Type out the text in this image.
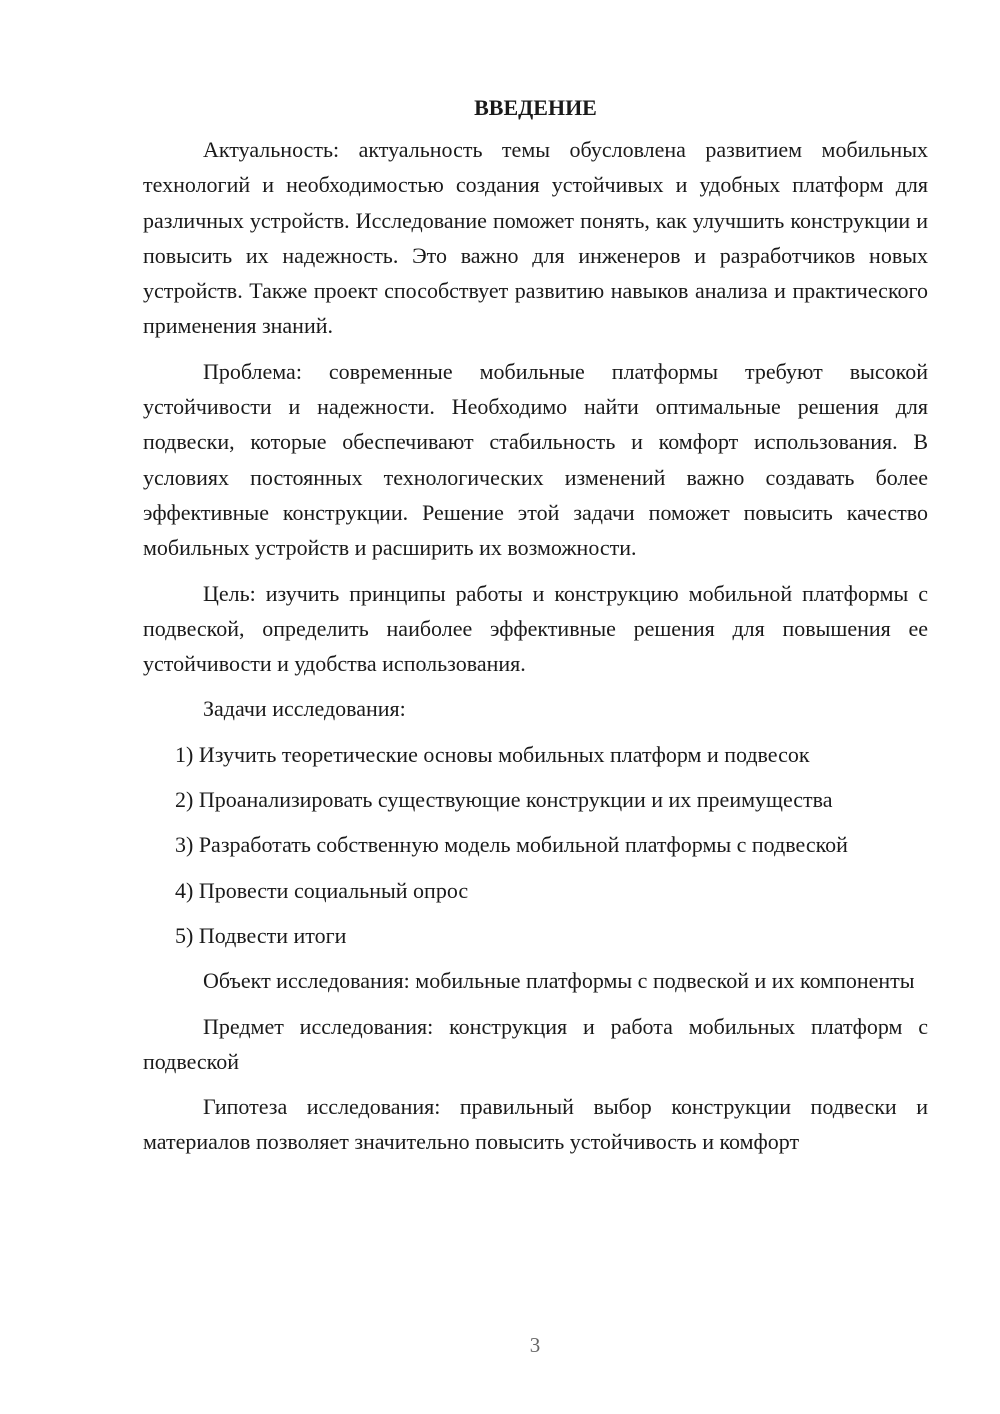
ВВЕДЕНИЕ

Актуальность: актуальность темы обусловлена развитием мобильных технологий и необходимостью создания устойчивых и удобных платформ для различных устройств. Исследование поможет понять, как улучшить конструкции и повысить их надежность. Это важно для инженеров и разработчиков новых устройств. Также проект способствует развитию навыков анализа и практического применения знаний.

Проблема: современные мобильные платформы требуют высокой устойчивости и надежности. Необходимо найти оптимальные решения для подвески, которые обеспечивают стабильность и комфорт использования. В условиях постоянных технологических изменений важно создавать более эффективные конструкции. Решение этой задачи поможет повысить качество мобильных устройств и расширить их возможности.

Цель: изучить принципы работы и конструкцию мобильной платформы с подвеской, определить наиболее эффективные решения для повышения ее устойчивости и удобства использования.

Задачи исследования:

1) Изучить теоретические основы мобильных платформ и подвесок

2) Проанализировать существующие конструкции и их преимущества

3) Разработать собственную модель мобильной платформы с подвеской

4) Провести социальный опрос

5) Подвести итоги

Объект исследования: мобильные платформы с подвеской и их компоненты

Предмет исследования: конструкция и работа мобильных платформ с подвеской

Гипотеза исследования: правильный выбор конструкции подвески и материалов позволяет значительно повысить устойчивость и комфорт

3
